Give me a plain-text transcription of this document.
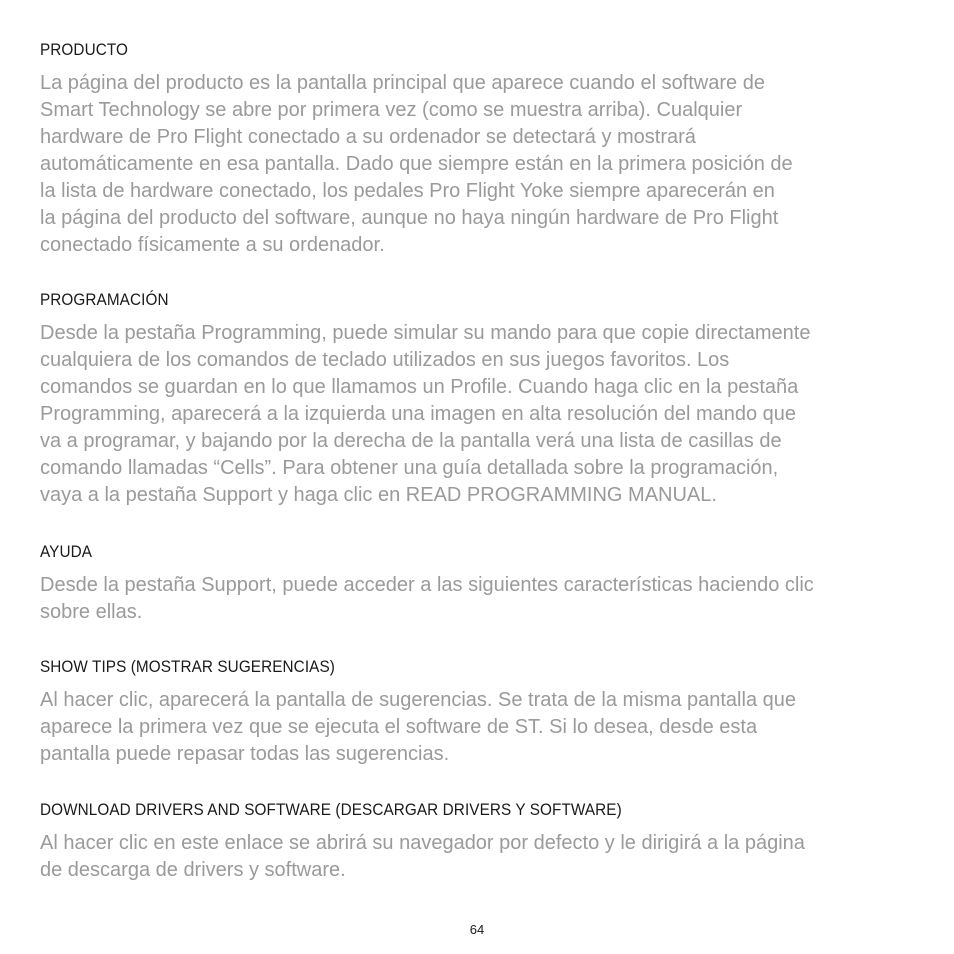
PRODUCTO

La página del producto es la pantalla principal que aparece cuando el software de
Smart Technology se abre por primera vez (como se muestra arriba). Cualquier
hardware de Pro Flight conectado a su ordenador se detectará y mostrará
automáticamente en esa pantalla. Dado que siempre están en la primera posición de
la lista de hardware conectado, los pedales Pro Flight Yoke siempre aparecerán en
la página del producto del software, aunque no haya ningún hardware de Pro Flight
conectado físicamente a su ordenador.

PROGRAMACIÓN

Desde la pestaña Programming, puede simular su mando para que copie directamente
cualquiera de los comandos de teclado utilizados en sus juegos favoritos. Los
comandos se guardan en lo que llamamos un Profile. Cuando haga clic en la pestaña
Programming, aparecerá a la izquierda una imagen en alta resolución del mando que
va a programar, y bajando por la derecha de la pantalla verá una lista de casillas de
comando llamadas “Cells”. Para obtener una guía detallada sobre la programación,
vaya a la pestaña Support y haga clic en READ PROGRAMMING MANUAL.

AYUDA

Desde la pestaña Support, puede acceder a las siguientes características haciendo clic
sobre ellas.

SHOW TIPS (MOSTRAR SUGERENCIAS)

Al hacer clic, aparecerá la pantalla de sugerencias. Se trata de la misma pantalla que
aparece la primera vez que se ejecuta el software de ST. Si lo desea, desde esta
pantalla puede repasar todas las sugerencias.

DOWNLOAD DRIVERS AND SOFTWARE (DESCARGAR DRIVERS Y SOFTWARE)

Al hacer clic en este enlace se abrirá su navegador por defecto y le dirigirá a la página
de descarga de drivers y software.

64
